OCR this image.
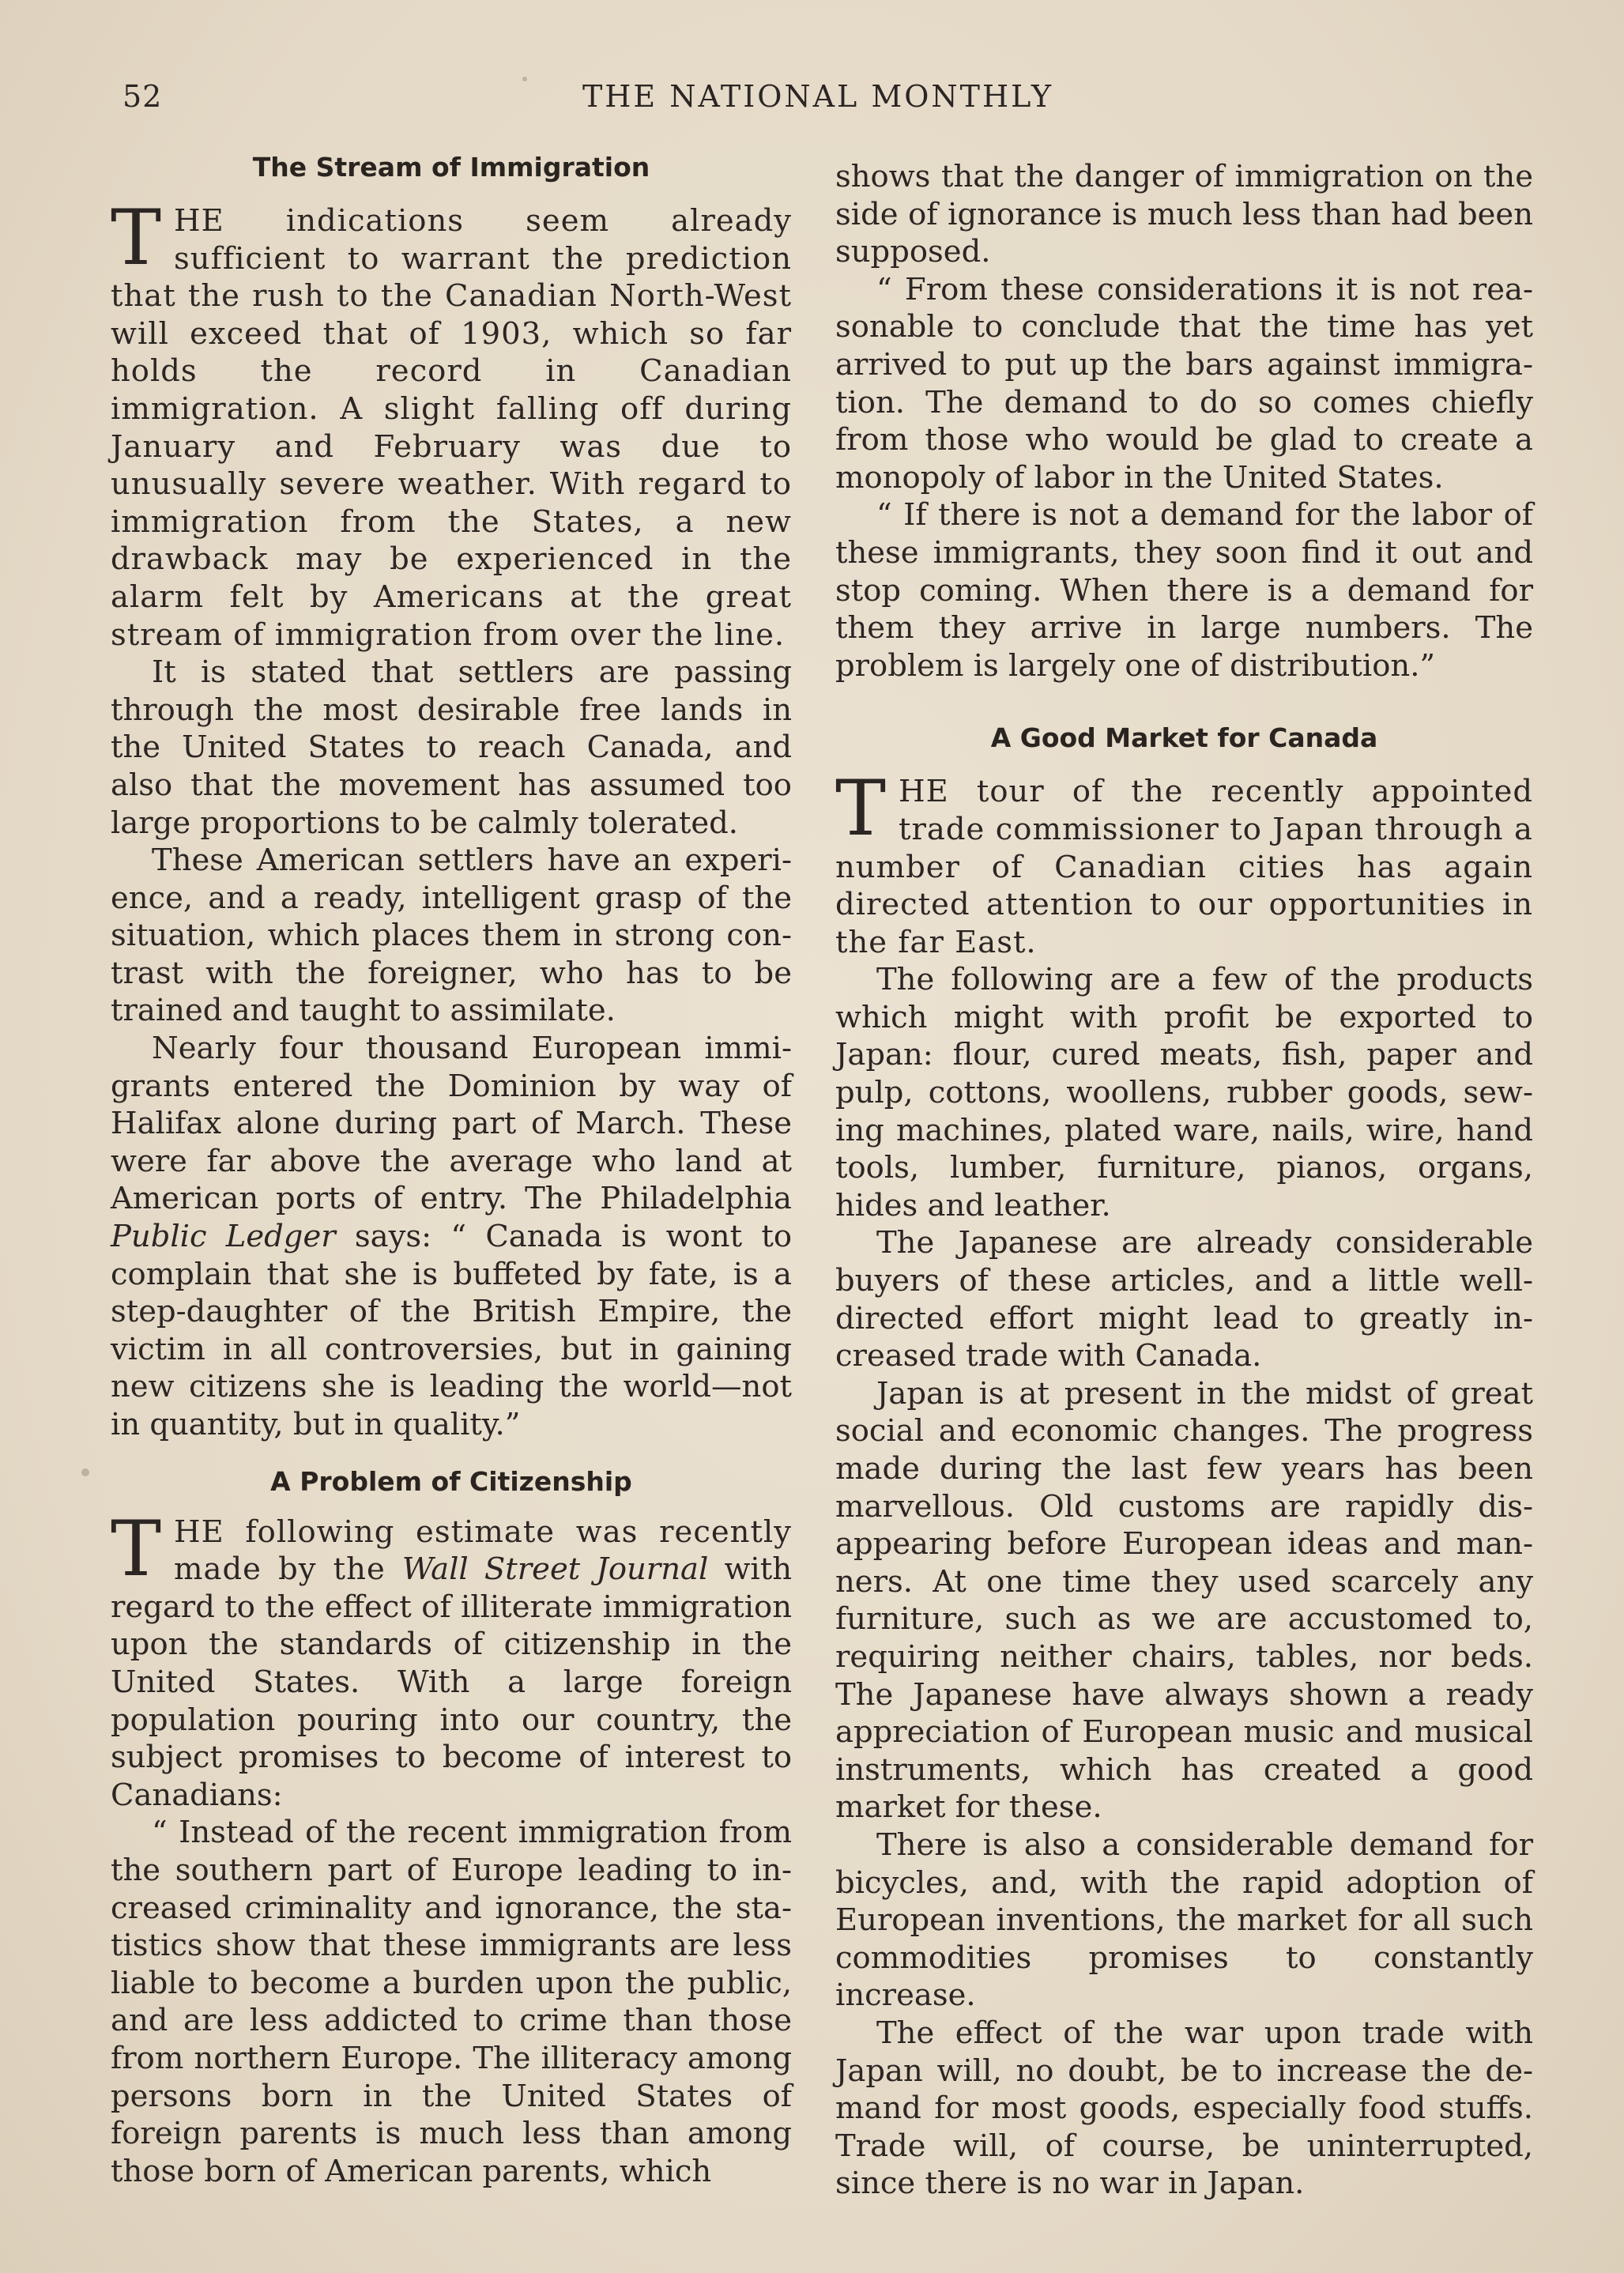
52	THE NATIONAL MONTHLY
The Stream of Immigration

THE indications seem already sufficient to warrant the prediction that the rush to the Canadian North-West will exceed that of 1903, which so far holds the record in Canadian immigration. A slight falling off during January and February was due to unusually severe weather. With regard to immigration from the States, a new drawback may be experienced in the alarm felt by Americans at the great stream of immigration from over the line.

It is stated that settlers are passing through the most desirable free lands in the United States to reach Canada, and also that the movement has assumed too large proportions to be calmly tolerated.

These American settlers have an experience, and a ready, intelligent grasp of the situation, which places them in strong contrast with the foreigner, who has to be trained and taught to assimilate.

Nearly four thousand European immigrants entered the Dominion by way of Halifax alone during part of March. These were far above the average who land at American ports of entry. The Philadelphia Public Ledger says: “ Canada is wont to complain that she is buffeted by fate, is a step-daughter of the British Empire, the victim in all controversies, but in gaining new citizens she is leading the world—not in quantity, but in quality.”

A Problem of Citizenship

THE following estimate was recently made by the Wall Street Journal with regard to the effect of illiterate immigration upon the standards of citizenship in the United States. With a large foreign population pouring into our country, the subject promises to become of interest to Canadians:

“ Instead of the recent immigration from the southern part of Europe leading to increased criminality and ignorance, the statistics show that these immigrants are less liable to become a burden upon the public, and are less addicted to crime than those from northern Europe. The illiteracy among persons born in the United States of foreign parents is much less than among those born of American parents, which

shows that the danger of immigration on the side of ignorance is much less than had been supposed.

“ From these considerations it is not reasonable to conclude that the time has yet arrived to put up the bars against immigration. The demand to do so comes chiefly from those who would be glad to create a monopoly of labor in the United States.

“ If there is not a demand for the labor of these immigrants, they soon find it out and stop coming. When there is a demand for them they arrive in large numbers. The problem is largely one of distribution.”

A Good Market for Canada

THE tour of the recently appointed trade commissioner to Japan through a number of Canadian cities has again directed attention to our opportunities in the far East.

The following are a few of the products which might with profit be exported to Japan: flour, cured meats, fish, paper and pulp, cottons, woollens, rubber goods, sewing machines, plated ware, nails, wire, hand tools, lumber, furniture, pianos, organs, hides and leather.

The Japanese are already considerable buyers of these articles, and a little well-directed effort might lead to greatly increased trade with Canada.

Japan is at present in the midst of great social and economic changes. The progress made during the last few years has been marvellous. Old customs are rapidly disappearing before European ideas and manners. At one time they used scarcely any furniture, such as we are accustomed to, requiring neither chairs, tables, nor beds. The Japanese have always shown a ready appreciation of European music and musical instruments, which has created a good market for these.

There is also a considerable demand for bicycles, and, with the rapid adoption of European inventions, the market for all such commodities promises to constantly increase.

The effect of the war upon trade with Japan will, no doubt, be to increase the demand for most goods, especially food stuffs. Trade will, of course, be uninterrupted, since there is no war in Japan.
